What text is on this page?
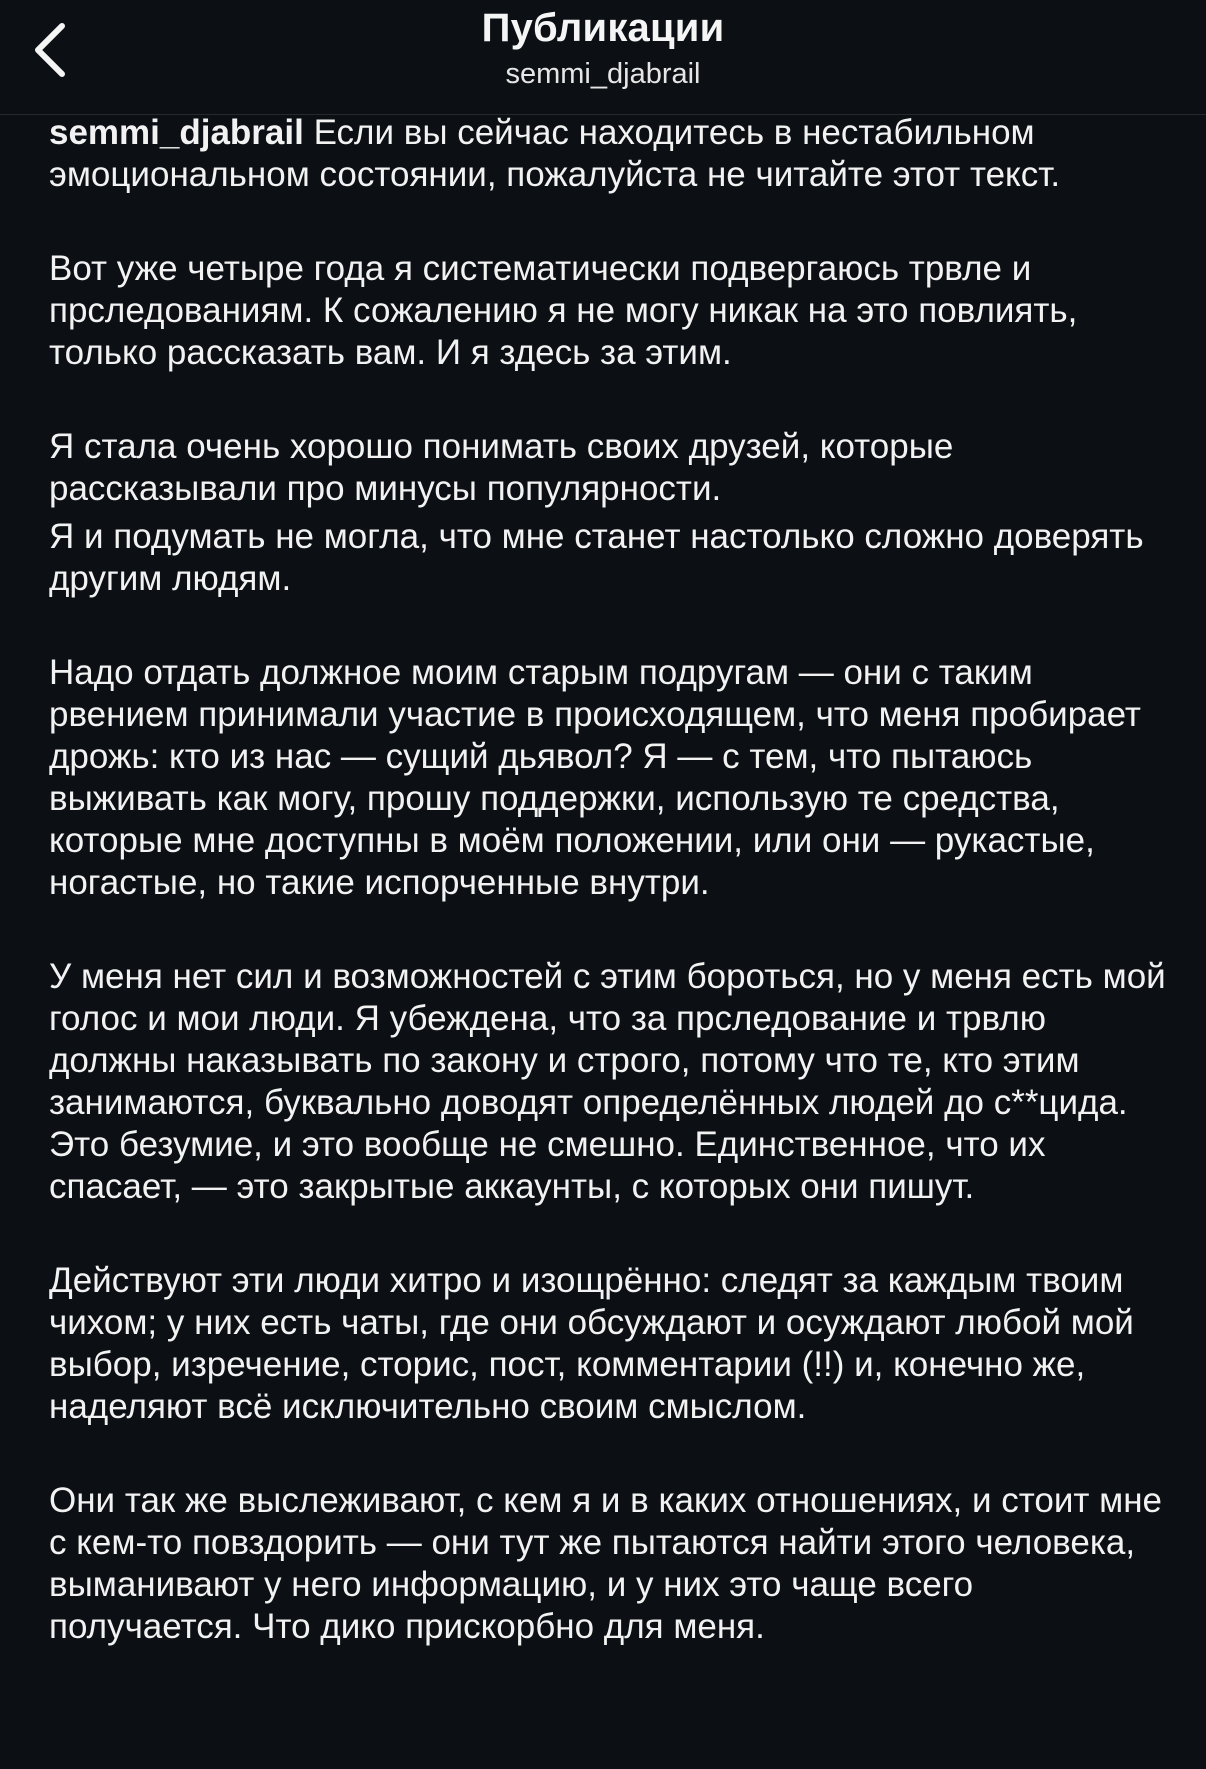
Публикации
semmi_djabrail

semmi_djabrail Если вы сейчас находитесь в нестабильном эмоциональном состоянии, пожалуйста не читайте этот текст.

Вот уже четыре года я систематически подвергаюсь трвле и прследованиям. К сожалению я не могу никак на это повлиять, только рассказать вам. И я здесь за этим.

Я стала очень хорошо понимать своих друзей, которые рассказывали про минусы популярности.

Я и подумать не могла, что мне станет настолько сложно доверять другим людям.

Надо отдать должное моим старым подругам — они с таким рвением принимали участие в происходящем, что меня пробирает дрожь: кто из нас — сущий дьявол? Я — с тем, что пытаюсь выживать как могу, прошу поддержки, использую те средства, которые мне доступны в моём положении, или они — рукастые, ногастые, но такие испорченные внутри.

У меня нет сил и возможностей с этим бороться, но у меня есть мой голос и мои люди. Я убеждена, что за прследование и трвлю должны наказывать по закону и строго, потому что те, кто этим занимаются, буквально доводят определённых людей до с**цида. Это безумие, и это вообще не смешно. Единственное, что их спасает, — это закрытые аккаунты, с которых они пишут.

Действуют эти люди хитро и изощрённо: следят за каждым твоим чихом; у них есть чаты, где они обсуждают и осуждают любой мой выбор, изречение, сторис, пост, комментарии (!!) и, конечно же, наделяют всё исключительно своим смыслом.

Они так же выслеживают, с кем я и в каких отношениях, и стоит мне с кем-то повздорить — они тут же пытаются найти этого человека, выманивают у него информацию, и у них это чаще всего получается. Что дико прискорбно для меня.
